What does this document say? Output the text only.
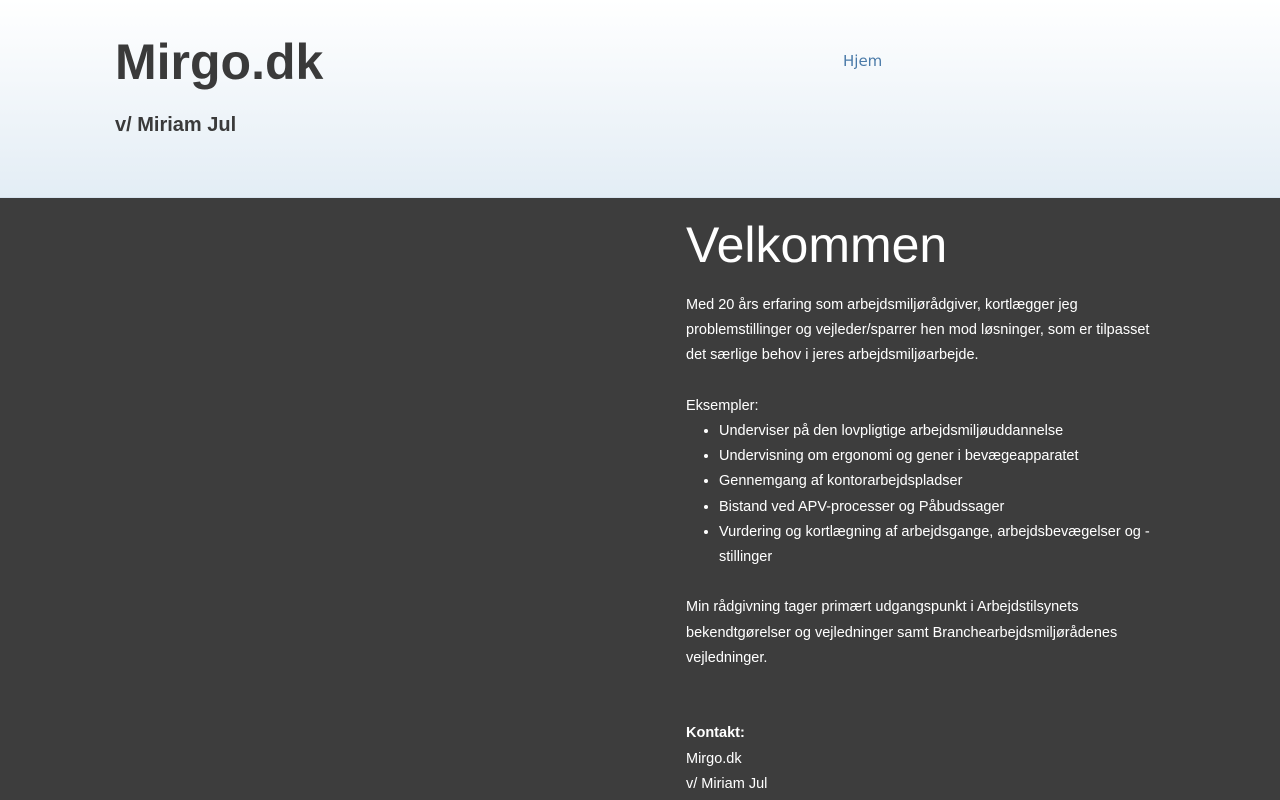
Mirgo.dk
v/ Miriam Jul
Hjem
Velkommen

Med 20 års erfaring som arbejdsmiljørådgiver, kortlægger jeg problemstillinger og vejleder/sparrer hen mod løsninger, som er tilpasset det særlige behov i jeres arbejdsmiljøarbejde.

Eksempler:

• Underviser på den lovpligtige arbejdsmiljøuddannelse
• Undervisning om ergonomi og gener i bevægeapparatet
• Gennemgang af kontorarbejdspladser
• Bistand ved APV-processer og Påbudssager
• Vurdering og kortlægning af arbejdsgange, arbejdsbevægelser og -stillinger

Min rådgivning tager primært udgangspunkt i Arbejdstilsynets bekendtgørelser og vejledninger samt Branchearbejdsmiljørådenes vejledninger.

Kontakt:

Mirgo.dk

v/ Miriam Jul
